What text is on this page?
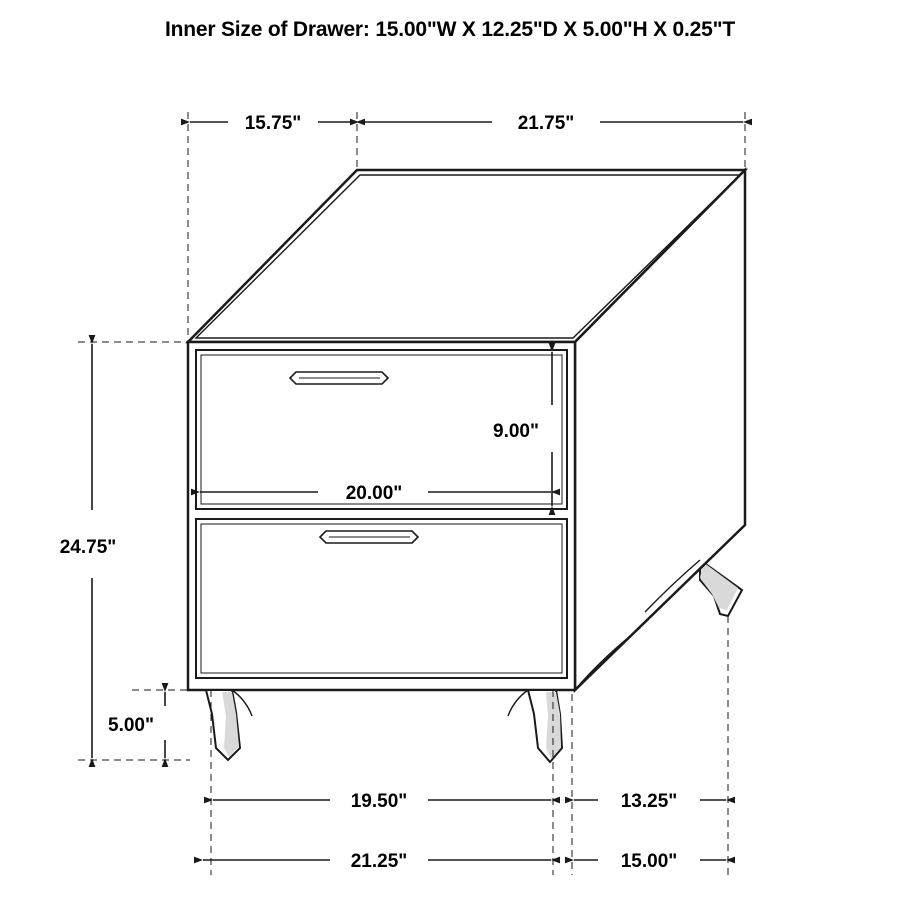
Inner Size of Drawer: 15.00"W X 12.25"D X 5.00"H X 0.25"T
15.75"	21.75"
9.00"
20.00"
24.75"
5.00"
19.50"	13.25"
21.25"	15.00"
